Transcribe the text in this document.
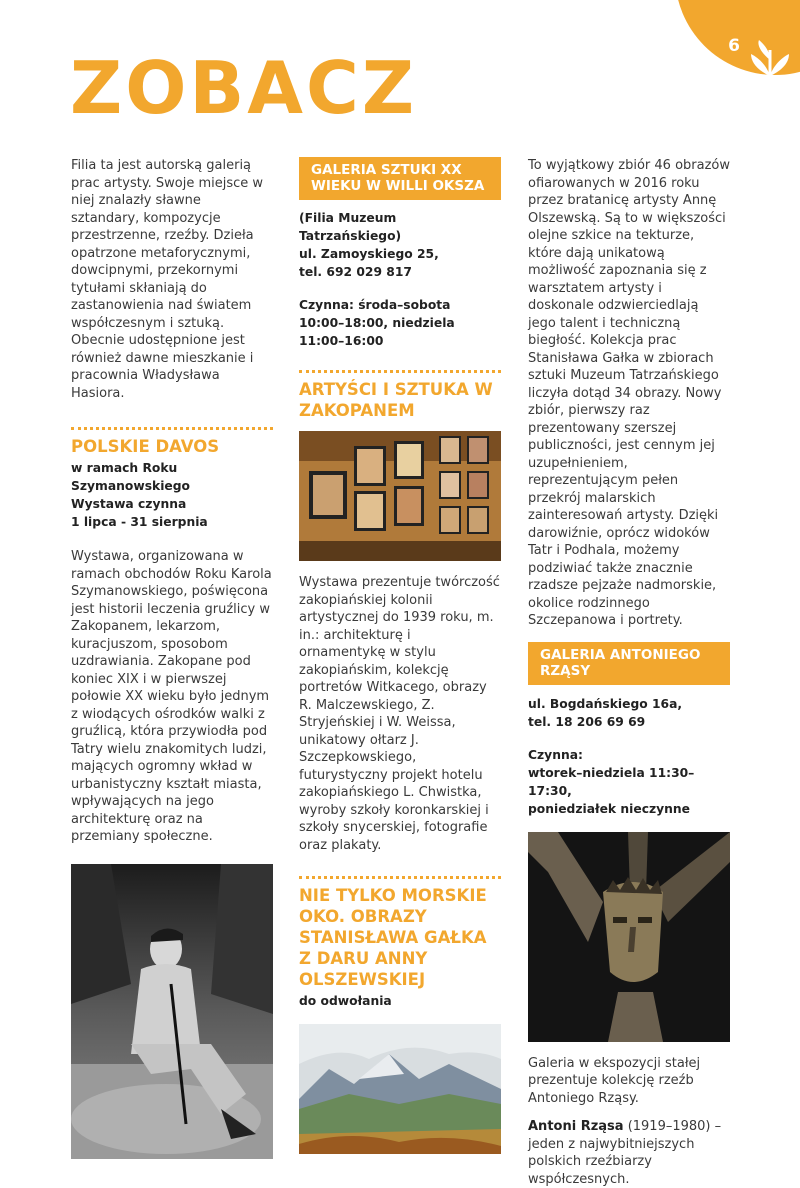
6
ZOBACZ

Filia ta jest autorską galerią prac artysty. Swoje miejsce w niej znalazły sławne sztandary, kompozycje przestrzenne, rzeźby. Dzieła opatrzone metaforycznymi, dowcipnymi, przekornymi tytułami skłaniają do zastanowienia nad światem współczesnym i sztuką. Obecnie udostępnione jest również dawne mieszkanie i pracownia Władysława Hasiora.

POLSKIE DAVOS

w ramach Roku Szymanowskiego

Wystawa czynna

1 lipca - 31 sierpnia

Wystawa, organizowana w ramach obchodów Roku Karola Szymanowskiego, poświęcona jest historii leczenia gruźlicy w Zakopanem, lekarzom, kuracjuszom, sposobom uzdrawiania. Zakopane pod koniec XIX i w pierwszej połowie XX wieku było jednym z wiodących ośrodków walki z gruźlicą, która przywiodła pod Tatry wielu znakomitych ludzi, mających ogromny wkład w urbanistyczny kształt miasta, wpływających na jego architekturę oraz na przemiany społeczne.

GALERIA SZTUKI XX WIEKU W WILLI OKSZA

(Filia Muzeum Tatrzańskiego)

ul. Zamoyskiego 25,

tel. 692 029 817

Czynna: środa–sobota

10:00–18:00, niedziela 11:00–16:00

ARTYŚCI I SZTUKA W ZAKOPANEM

Wystawa prezentuje twórczość zakopiańskiej kolonii artystycznej do 1939 roku, m. in.: architekturę i ornamentykę w stylu zakopiańskim, kolekcję portretów Witkacego, obrazy R. Malczewskiego, Z. Stryjeńskiej i W. Weissa, unikatowy ołtarz J. Szczepkowskiego, futurystyczny projekt hotelu zakopiańskiego L. Chwistka, wyroby szkoły koronkarskiej i szkoły snycerskiej, fotografie oraz plakaty.

NIE TYLKO MORSKIE OKO. OBRAZY STANISŁAWA GAŁKA Z DARU ANNY OLSZEWSKIEJ

do odwołania

To wyjątkowy zbiór 46 obrazów ofiarowanych w 2016 roku przez bratanicę artysty Annę Olszewską. Są to w większości olejne szkice na tekturze, które dają unikatową możliwość zapoznania się z warsztatem artysty i doskonale odzwierciedlają jego talent i techniczną biegłość. Kolekcja prac Stanisława Gałka w zbiorach sztuki Muzeum Tatrzańskiego liczyła dotąd 34 obrazy. Nowy zbiór, pierwszy raz prezentowany szerszej publiczności, jest cennym jej uzupełnieniem, reprezentującym pełen przekrój malarskich zainteresowań artysty. Dzięki darowiźnie, oprócz widoków Tatr i Podhala, możemy podziwiać także znacznie rzadsze pejzaże nadmorskie, okolice rodzinnego Szczepanowa i portrety.

GALERIA ANTONIEGO RZĄSY

ul. Bogdańskiego 16a,

tel. 18 206 69 69

Czynna:

wtorek–niedziela 11:30–17:30,

poniedziałek nieczynne

Galeria w ekspozycji stałej prezentuje kolekcję rzeźb Antoniego Rząsy.

Antoni Rząsa (1919–1980) – jeden z najwybitniejszych polskich rzeźbiarzy współczesnych.
